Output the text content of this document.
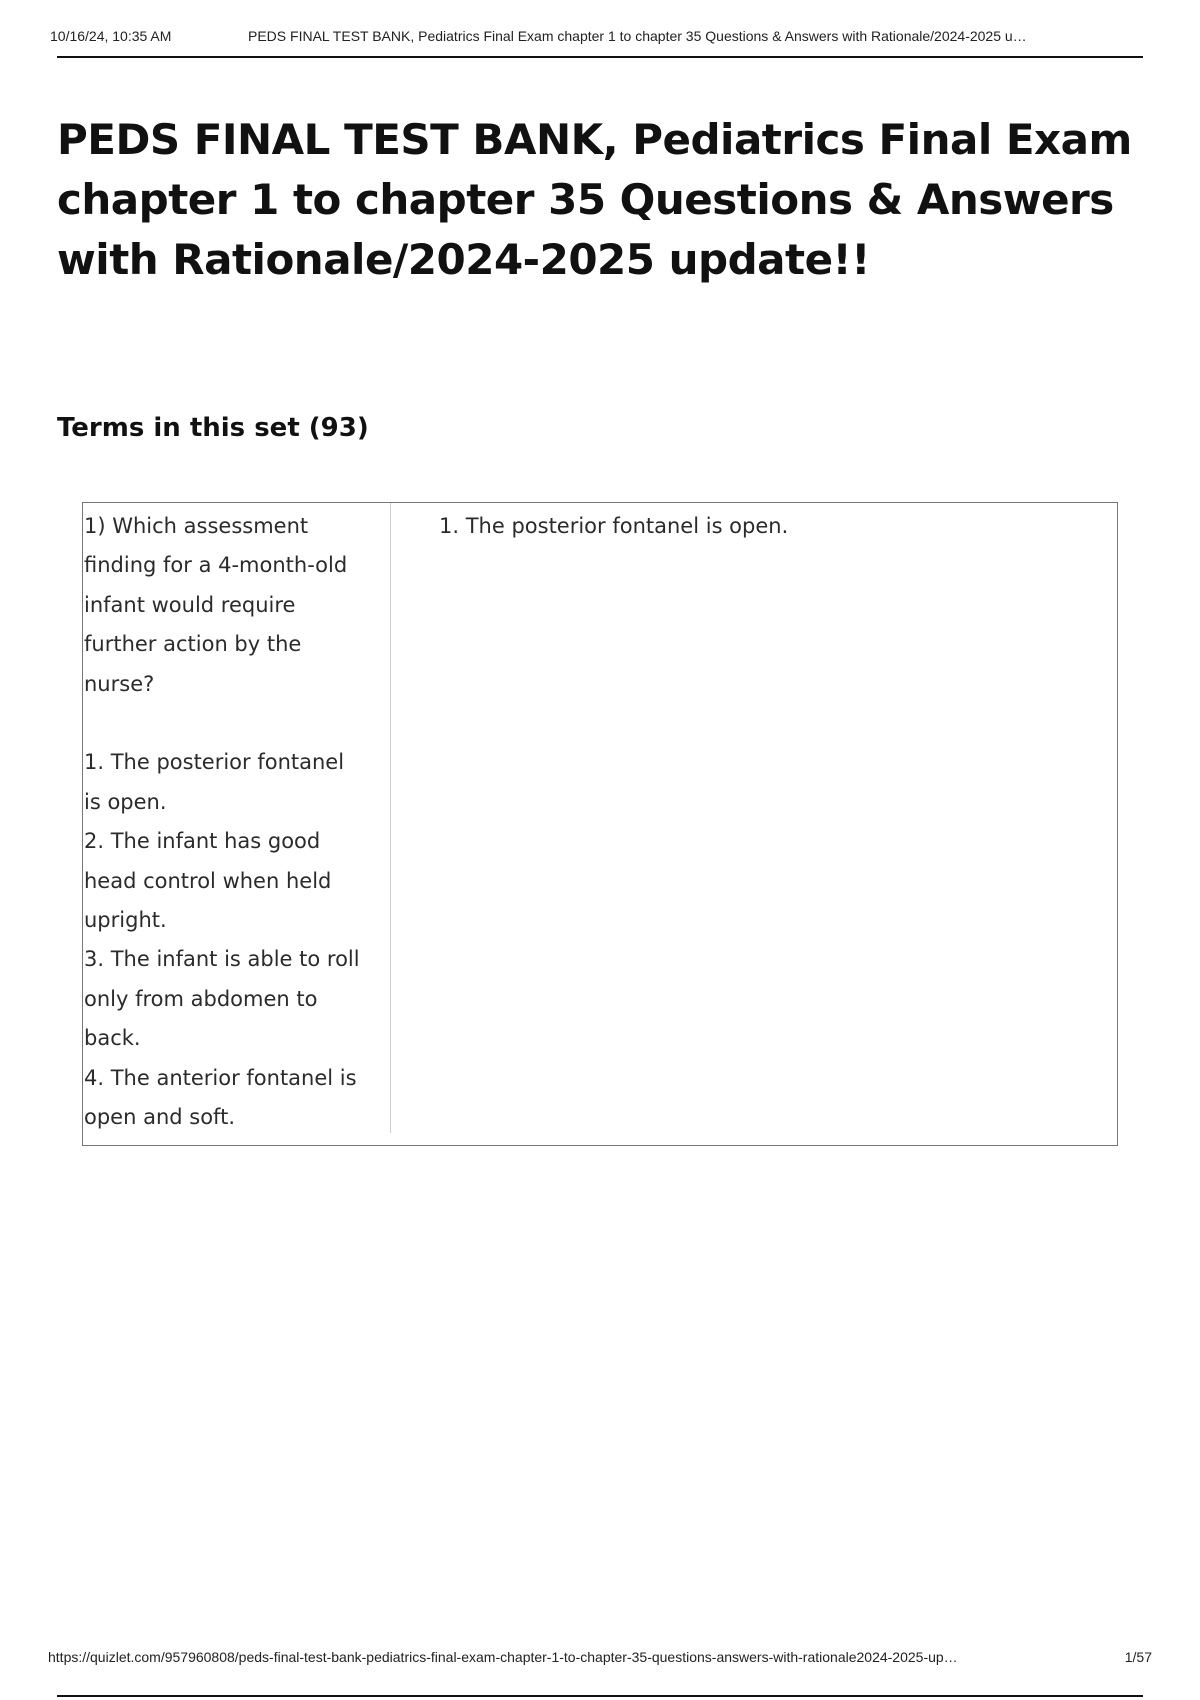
10/16/24, 10:35 AM	PEDS FINAL TEST BANK, Pediatrics Final Exam chapter 1 to chapter 35 Questions & Answers with Rationale/2024-2025 u…
PEDS FINAL TEST BANK, Pediatrics Final Exam chapter 1 to chapter 35 Questions & Answers with Rationale/2024-2025 update!!
Terms in this set (93)
1) Which assessment
finding for a 4-month-old
infant would require
further action by the
nurse?

1. The posterior fontanel
is open.
2. The infant has good
head control when held
upright.
3. The infant is able to roll
only from abdomen to
back.
4. The anterior fontanel is
open and soft.
1. The posterior fontanel is open.
https://quizlet.com/957960808/peds-final-test-bank-pediatrics-final-exam-chapter-1-to-chapter-35-questions-answers-with-rationale2024-2025-up…	1/57
